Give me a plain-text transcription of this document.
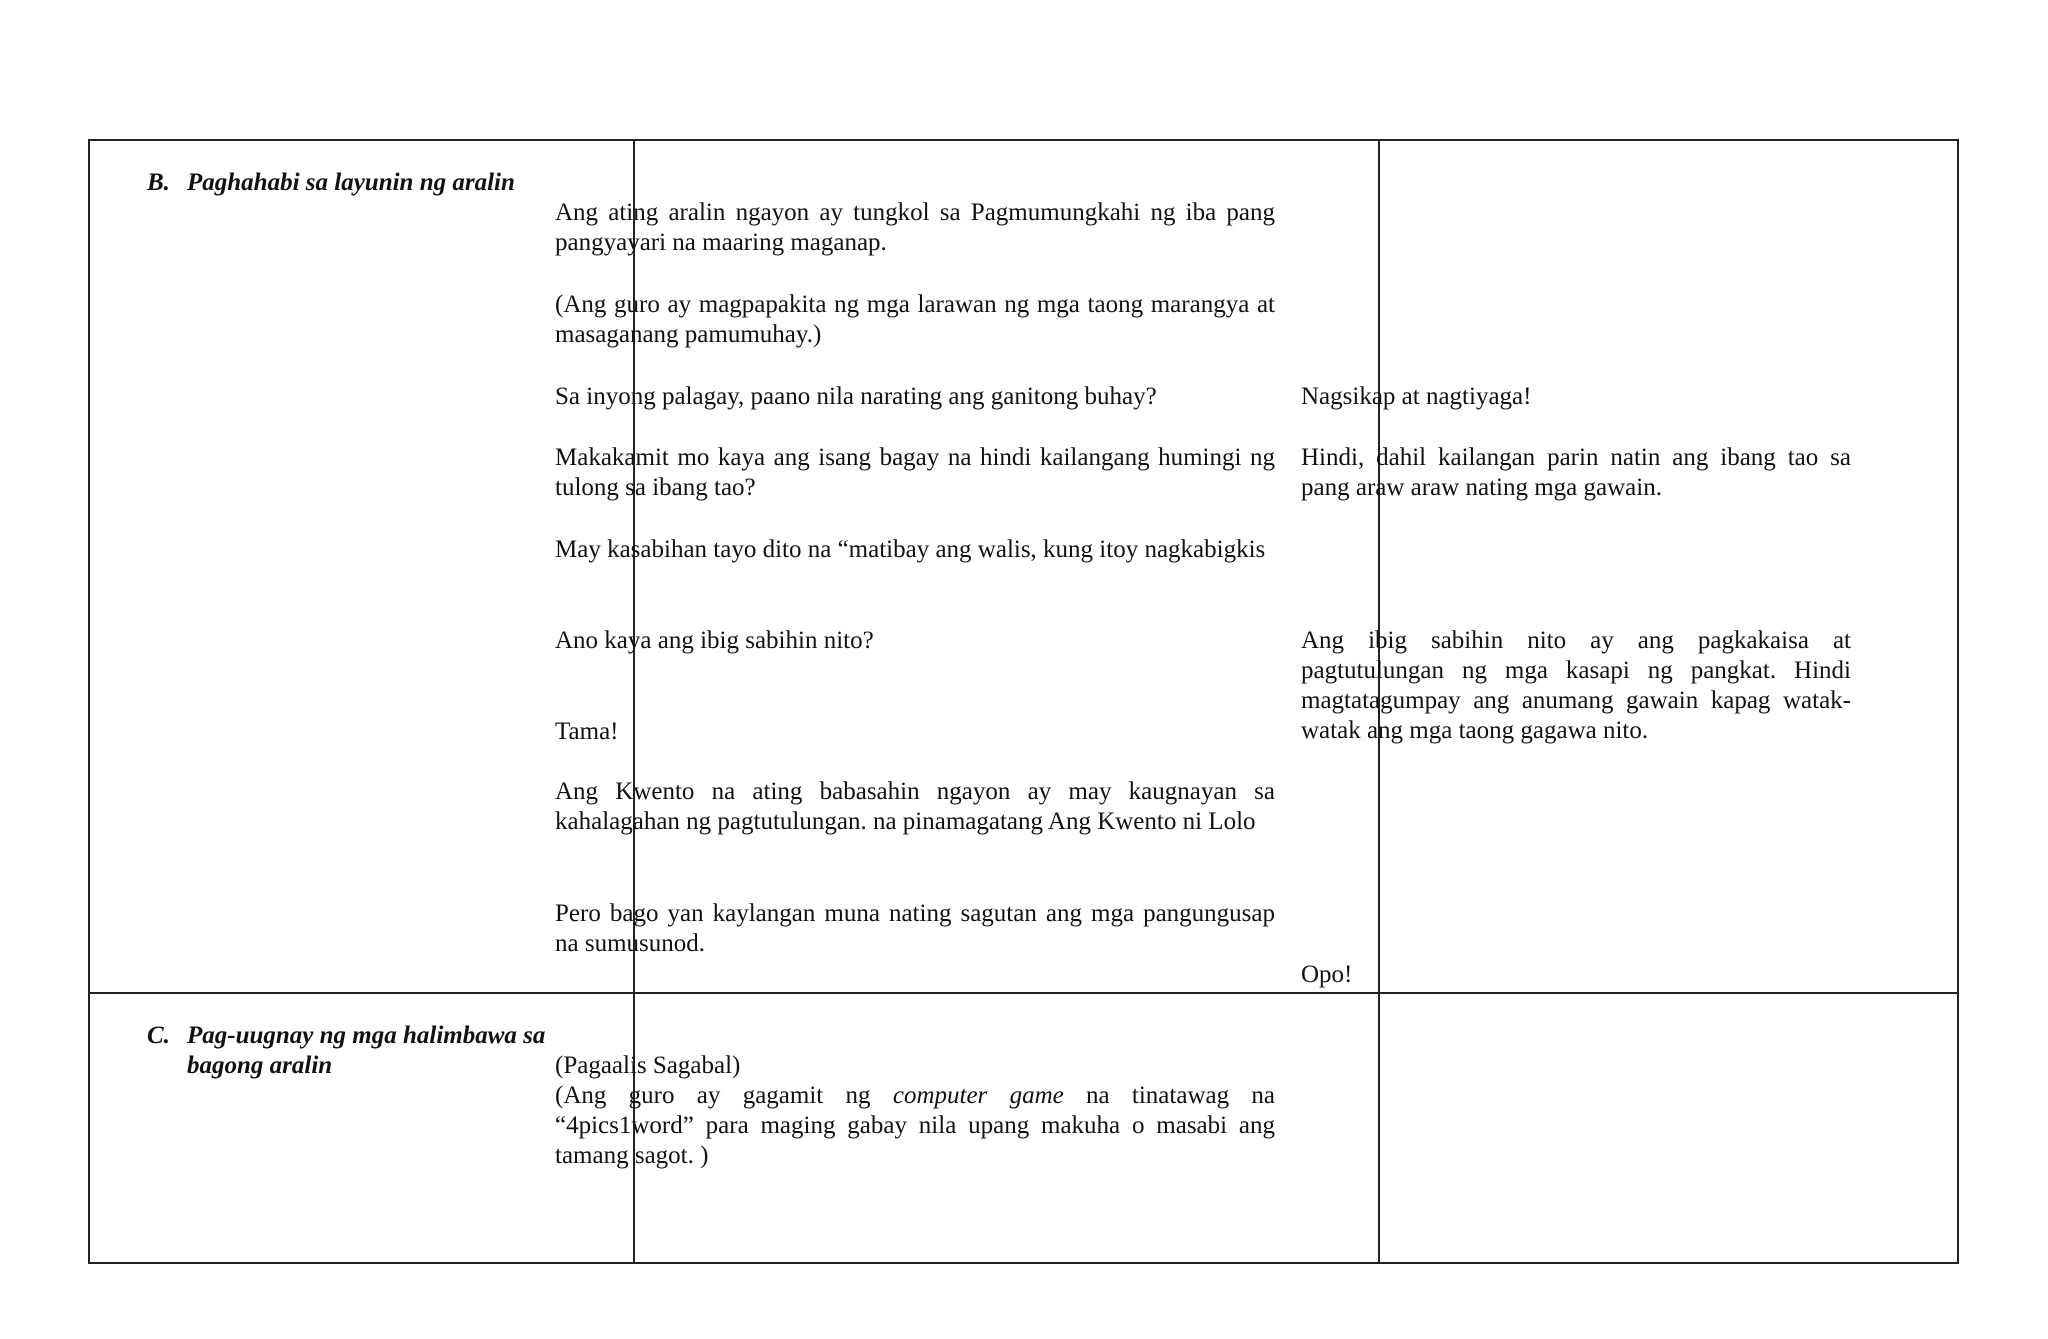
B. Paghahabi sa layunin ng aralin

Ang ating aralin ngayon ay tungkol sa Pagmumungkahi ng iba pang pangyayari na maaring maganap.

(Ang guro ay magpapakita ng mga larawan ng mga taong marangya at masaganang pamumuhay.)

Sa inyong palagay, paano nila narating ang ganitong buhay?

Makakamit mo kaya ang isang bagay na hindi kailangang humingi ng tulong sa ibang tao?

May kasabihan tayo dito na “matibay ang walis, kung itoy nagkabigkis

Ano kaya ang ibig sabihin nito?

Tama!

Ang Kwento na ating babasahin ngayon ay may kaugnayan sa kahalagahan ng pagtutulungan. na pinamagatang Ang Kwento ni Lolo

Pero bago yan kaylangan muna nating sagutan ang mga pangungusap na sumusunod.

Nagsikap at nagtiyaga!

Hindi, dahil kailangan parin natin ang ibang tao sa pang araw araw nating mga gawain.

Ang ibig sabihin nito ay ang pagkakaisa at pagtutulungan ng mga kasapi ng pangkat. Hindi magtatagumpay ang anumang gawain kapag watak-watak ang mga taong gagawa nito.

Opo!

C. Pag-uugnay ng mga halimbawa sa
bagong aralin	(Pagaalis Sagabal)

(Ang guro ay gagamit ng computer game na tinatawag na “4pics1word” para maging gabay nila upang makuha o masabi ang tamang sagot. )
